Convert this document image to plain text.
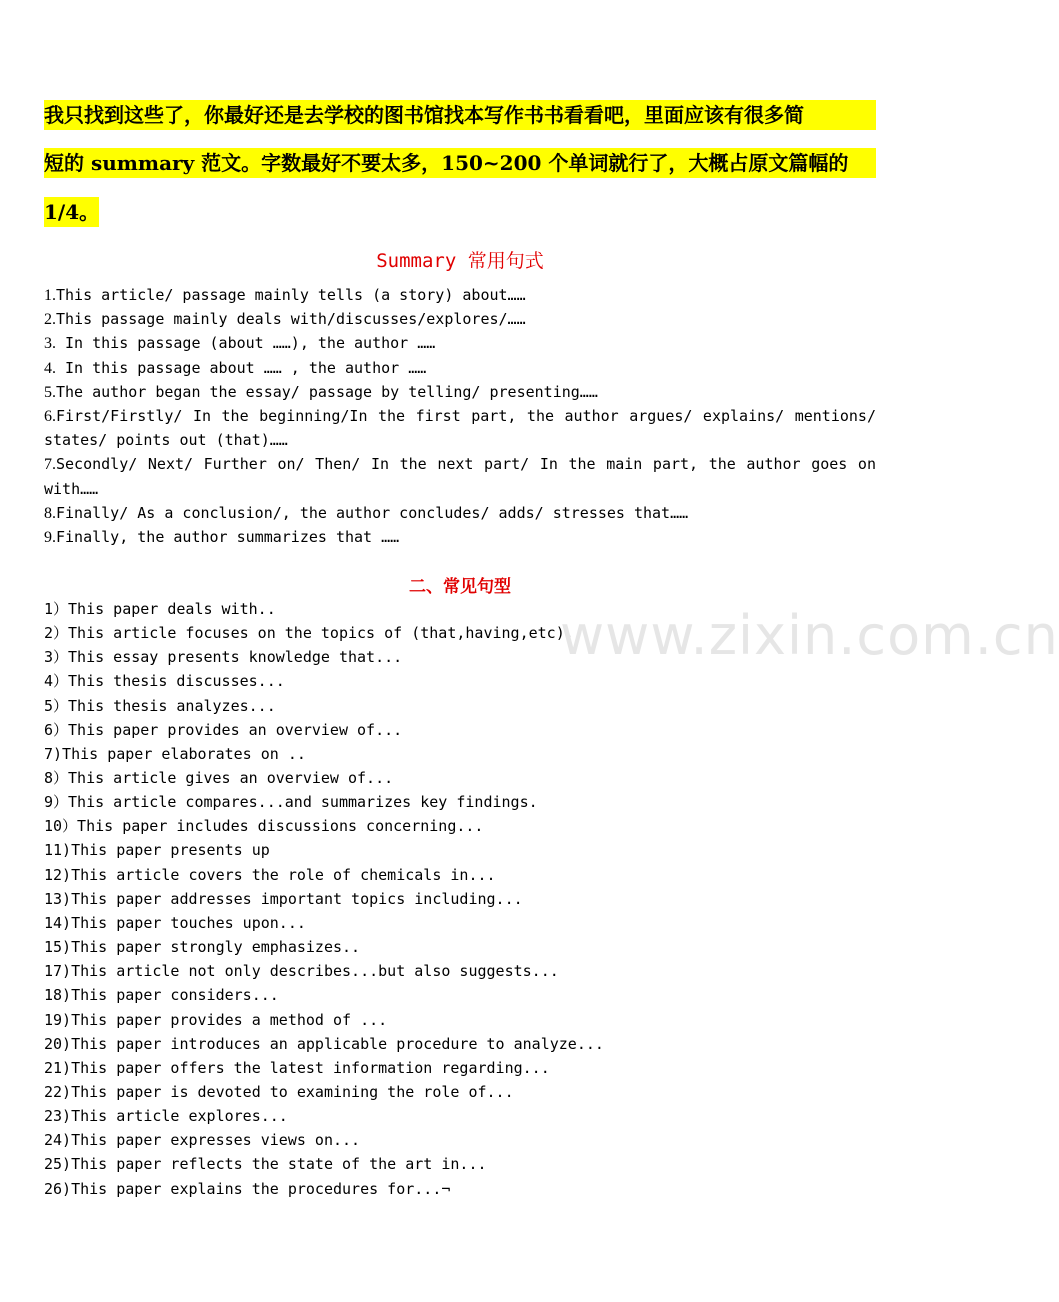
我只找到这些了，你最好还是去学校的图书馆找本写作书书看看吧，里面应该有很多简
短的 summary 范文。字数最好不要太多，150~200 个单词就行了，大概占原文篇幅的
1/4。
Summary 常用句式
1.This article/ passage mainly tells (a story) about……
2.This passage mainly deals with/discusses/explores/……
3. In this passage (about ……), the author ……
4. In this passage about …… , the author ……
5.The author began the essay/ passage by telling/ presenting……
6.First/Firstly/ In the beginning/In the first part, the author argues/ explains/ mentions/
states/ points out (that)……
7.Secondly/ Next/ Further on/ Then/ In the next part/ In the main part, the author goes on
with……
8.Finally/ As a conclusion/, the author concludes/ adds/ stresses that……
9.Finally, the author summarizes that ……
二、常见句型
1）This paper deals with..
2）This article focuses on the topics of (that,having,etc).
3）This essay presents knowledge that...
4）This thesis discusses...
5）This thesis analyzes...
6）This paper provides an overview of...
7)This paper elaborates on ..
8）This article gives an overview of...
9）This article compares...and summarizes key findings.
10）This paper includes discussions concerning...
11)This paper presents up
12)This article covers the role of chemicals in...
13)This paper addresses important topics including...
14)This paper touches upon...
15)This paper strongly emphasizes..
17)This article not only describes...but also suggests...
18)This paper considers...
19)This paper provides a method of ...
20)This paper introduces an applicable procedure to analyze...
21)This paper offers the latest information regarding...
22)This paper is devoted to examining the role of...
23)This article explores...
24)This paper expresses views on...
25)This paper reflects the state of the art in...
26)This paper explains the procedures for...¬
www.zixin.com.cn
